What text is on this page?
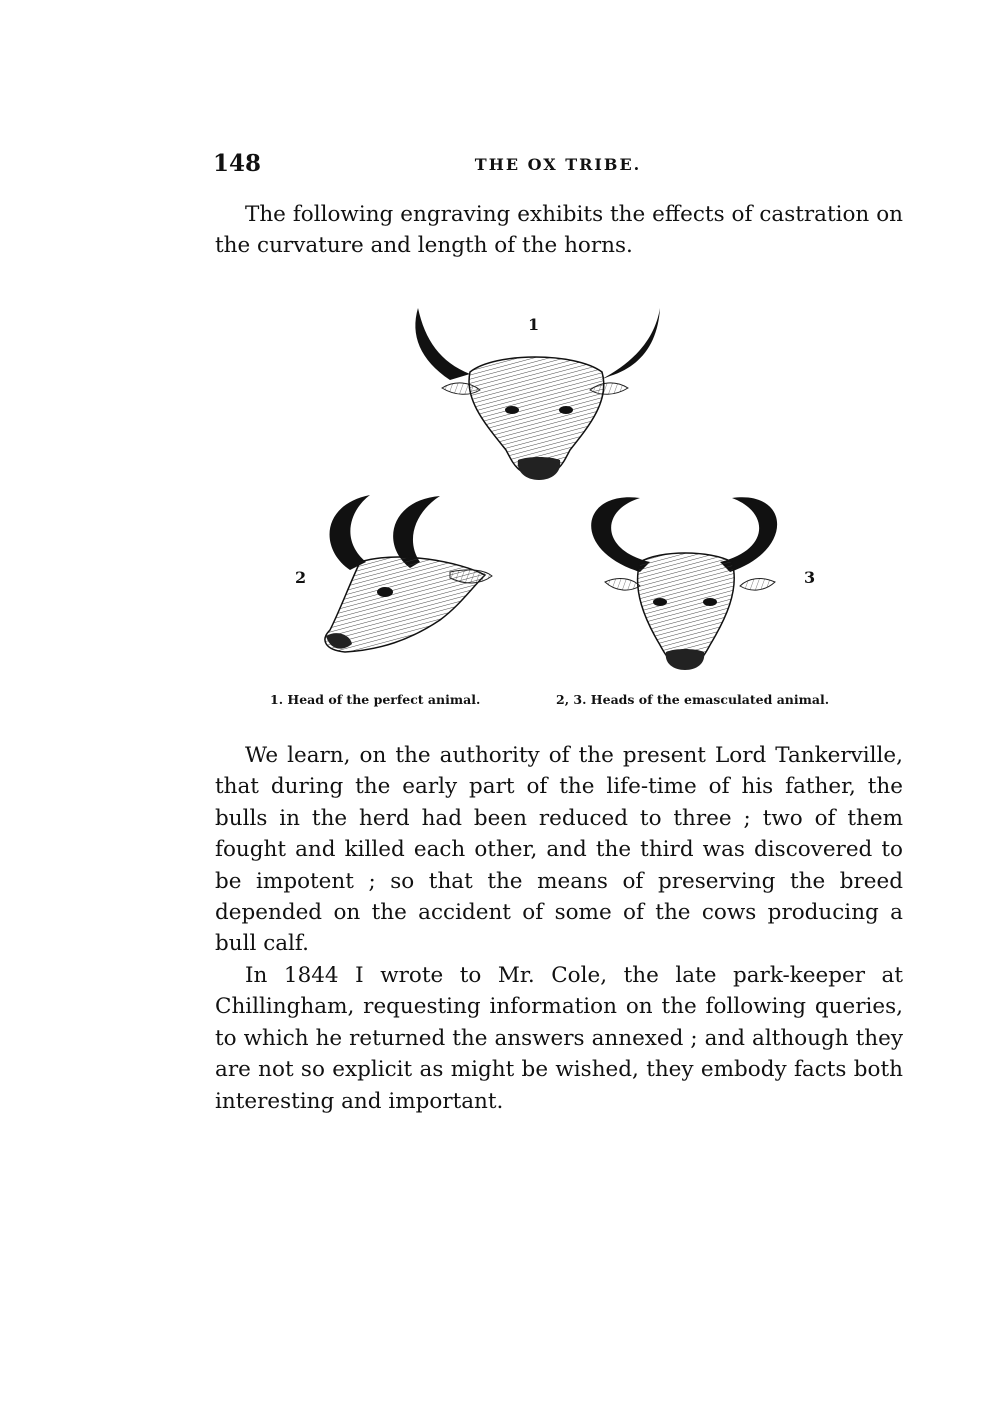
148	THE OX TRIBE.

The following engraving exhibits the effects of castration on the curvature and length of the horns.

1
2	3
1. Head of the perfect animal.	2, 3. Heads of the emasculated animal.

We learn, on the authority of the present Lord Tankerville, that during the early part of the life-time of his father, the bulls in the herd had been reduced to three ; two of them fought and killed each other, and the third was discovered to be impotent ; so that the means of preserving the breed depended on the accident of some of the cows producing a bull calf.

In 1844 I wrote to Mr. Cole, the late park-keeper at Chillingham, requesting information on the following queries, to which he returned the answers annexed ; and although they are not so explicit as might be wished, they embody facts both interesting and important.
